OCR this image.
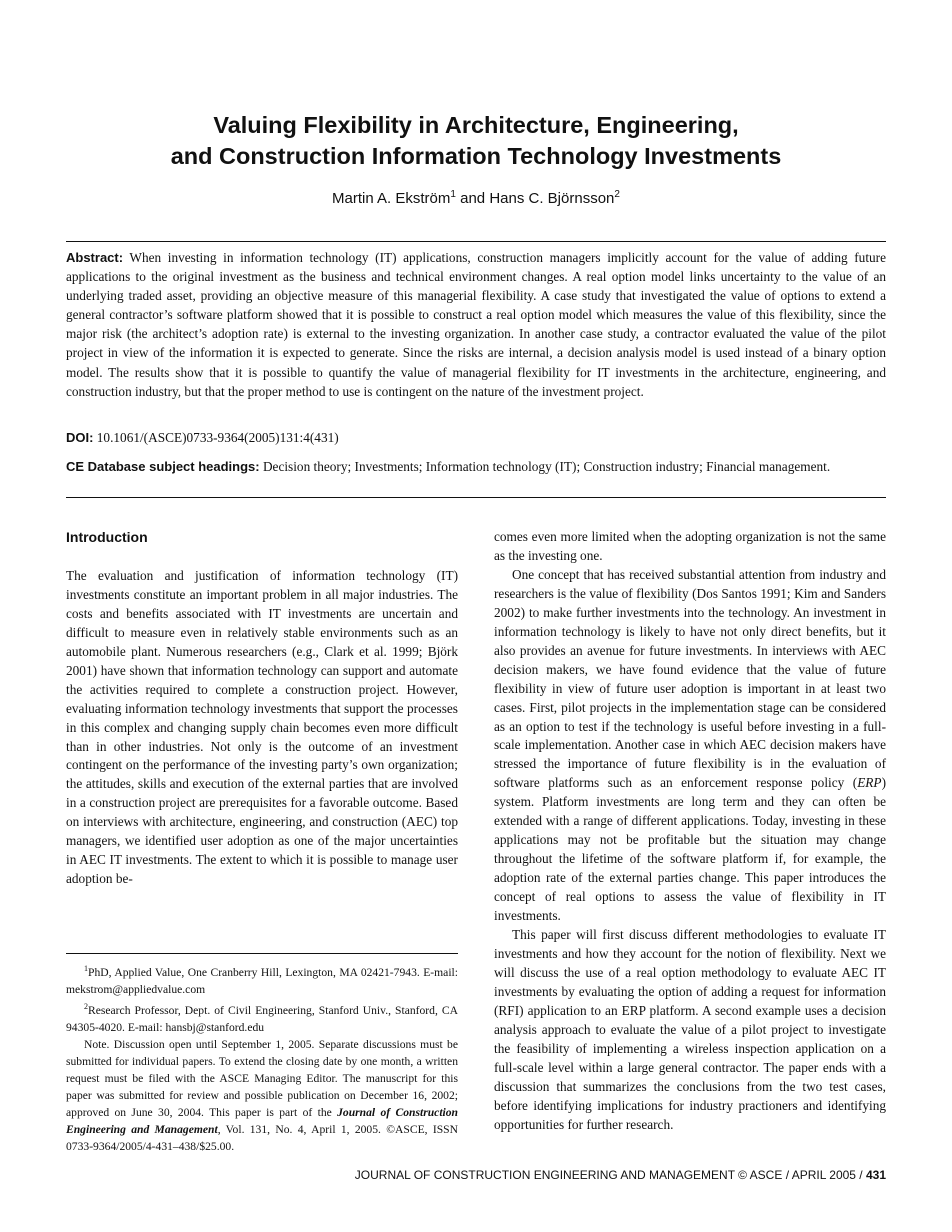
Valuing Flexibility in Architecture, Engineering,
and Construction Information Technology Investments
Martin A. Ekström$^1$ and Hans C. Björnsson$^2$
Abstract: When investing in information technology (IT) applications, construction managers implicitly account for the value of adding future applications to the original investment as the business and technical environment changes. A real option model links uncertainty to the value of an underlying traded asset, providing an objective measure of this managerial flexibility. A case study that investigated the value of options to extend a general contractor’s software platform showed that it is possible to construct a real option model which measures the value of this flexibility, since the major risk (the architect’s adoption rate) is external to the investing organization. In another case study, a contractor evaluated the value of the pilot project in view of the information it is expected to generate. Since the risks are internal, a decision analysis model is used instead of a binary option model. The results show that it is possible to quantify the value of managerial flexibility for IT investments in the architecture, engineering, and construction industry, but that the proper method to use is contingent on the nature of the investment project.
DOI: 10.1061/(ASCE)0733-9364(2005)131:4(431)
CE Database subject headings: Decision theory; Investments; Information technology (IT); Construction industry; Financial management.
Introduction

The evaluation and justification of information technology (IT) investments constitute an important problem in all major industries. The costs and benefits associated with IT investments are uncertain and difficult to measure even in relatively stable environments such as an automobile plant. Numerous researchers (e.g., Clark et al. 1999; Björk 2001) have shown that information technology can support and automate the activities required to complete a construction project. However, evaluating information technology investments that support the processes in this complex and changing supply chain becomes even more difficult than in other industries. Not only is the outcome of an investment contingent on the performance of the investing party’s own organization; the attitudes, skills and execution of the external parties that are involved in a construction project are prerequisites for a favorable outcome. Based on interviews with architecture, engineering, and construction (AEC) top managers, we identified user adoption as one of the major uncertainties in AEC IT investments. The extent to which it is possible to manage user adoption be-

$^1$PhD, Applied Value, One Cranberry Hill, Lexington, MA 02421-7943. E-mail: mekstrom@appliedvalue.com

$^2$Research Professor, Dept. of Civil Engineering, Stanford Univ., Stanford, CA 94305-4020. E-mail: hansbj@stanford.edu

Note. Discussion open until September 1, 2005. Separate discussions must be submitted for individual papers. To extend the closing date by one month, a written request must be filed with the ASCE Managing Editor. The manuscript for this paper was submitted for review and possible publication on December 16, 2002; approved on June 30, 2004. This paper is part of the Journal of Construction Engineering and Management, Vol. 131, No. 4, April 1, 2005. ©ASCE, ISSN 0733-9364/2005/4-431–438/$25.00.

comes even more limited when the adopting organization is not the same as the investing one.

One concept that has received substantial attention from industry and researchers is the value of flexibility (Dos Santos 1991; Kim and Sanders 2002) to make further investments into the technology. An investment in information technology is likely to have not only direct benefits, but it also provides an avenue for future investments. In interviews with AEC decision makers, we have found evidence that the value of future flexibility in view of future user adoption is important in at least two cases. First, pilot projects in the implementation stage can be considered as an option to test if the technology is useful before investing in a full-scale implementation. Another case in which AEC decision makers have stressed the importance of future flexibility is in the evaluation of software platforms such as an enforcement response policy (ERP) system. Platform investments are long term and they can often be extended with a range of different applications. Today, investing in these applications may not be profitable but the situation may change throughout the lifetime of the software platform if, for example, the adoption rate of the external parties change. This paper introduces the concept of real options to assess the value of flexibility in IT investments.

This paper will first discuss different methodologies to evaluate IT investments and how they account for the notion of flexibility. Next we will discuss the use of a real option methodology to evaluate AEC IT investments by evaluating the option of adding a request for information (RFI) application to an ERP platform. A second example uses a decision analysis approach to evaluate the value of a pilot project to investigate the feasibility of implementing a wireless inspection application on a full-scale level within a large general contractor. The paper ends with a discussion that summarizes the conclusions from the two test cases, before identifying implications for industry practioners and identifying opportunities for further research.

JOURNAL OF CONSTRUCTION ENGINEERING AND MANAGEMENT © ASCE / APRIL 2005 / 431
